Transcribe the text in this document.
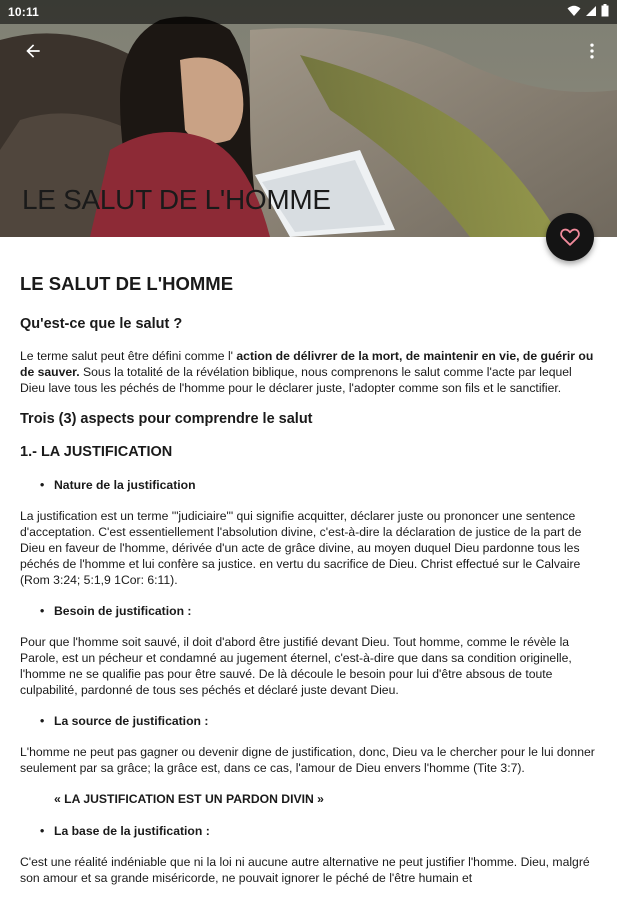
10:11
LE SALUT DE L'HOMME
LE SALUT DE L'HOMME
Qu'est-ce que le salut ?

Le terme salut peut être défini comme l' action de délivrer de la mort, de maintenir en vie, de guérir ou de sauver. Sous la totalité de la révélation biblique, nous comprenons le salut comme l'acte par lequel Dieu lave tous les péchés de l'homme pour le déclarer juste, l'adopter comme son fils et le sanctifier.

Trois (3) aspects pour comprendre le salut
1.- LA JUSTIFICATION
• Nature de la justification

La justification est un terme '"judiciaire"' qui signifie acquitter, déclarer juste ou prononcer une sentence d'acceptation. C'est essentiellement l'absolution divine, c'est-à-dire la déclaration de justice de la part de Dieu en faveur de l'homme, dérivée d'un acte de grâce divine, au moyen duquel Dieu pardonne tous les péchés de l'homme et lui confère sa justice. en vertu du sacrifice de Dieu. Christ effectué sur le Calvaire (Rom 3:24; 5:1,9 1Cor: 6:11).

• Besoin de justification :

Pour que l'homme soit sauvé, il doit d'abord être justifié devant Dieu. Tout homme, comme le révèle la Parole, est un pécheur et condamné au jugement éternel, c'est-à-dire que dans sa condition originelle, l'homme ne se qualifie pas pour être sauvé. De là découle le besoin pour lui d'être absous de toute culpabilité, pardonné de tous ses péchés et déclaré juste devant Dieu.

• La source de justification :

L'homme ne peut pas gagner ou devenir digne de justification, donc, Dieu va le chercher pour le lui donner seulement par sa grâce; la grâce est, dans ce cas, l'amour de Dieu envers l'homme (Tite 3:7).

« LA JUSTIFICATION EST UN PARDON DIVIN »
• La base de la justification :

C'est une réalité indéniable que ni la loi ni aucune autre alternative ne peut justifier l'homme. Dieu, malgré son amour et sa grande miséricorde, ne pouvait ignorer le péché de l'être humain et
